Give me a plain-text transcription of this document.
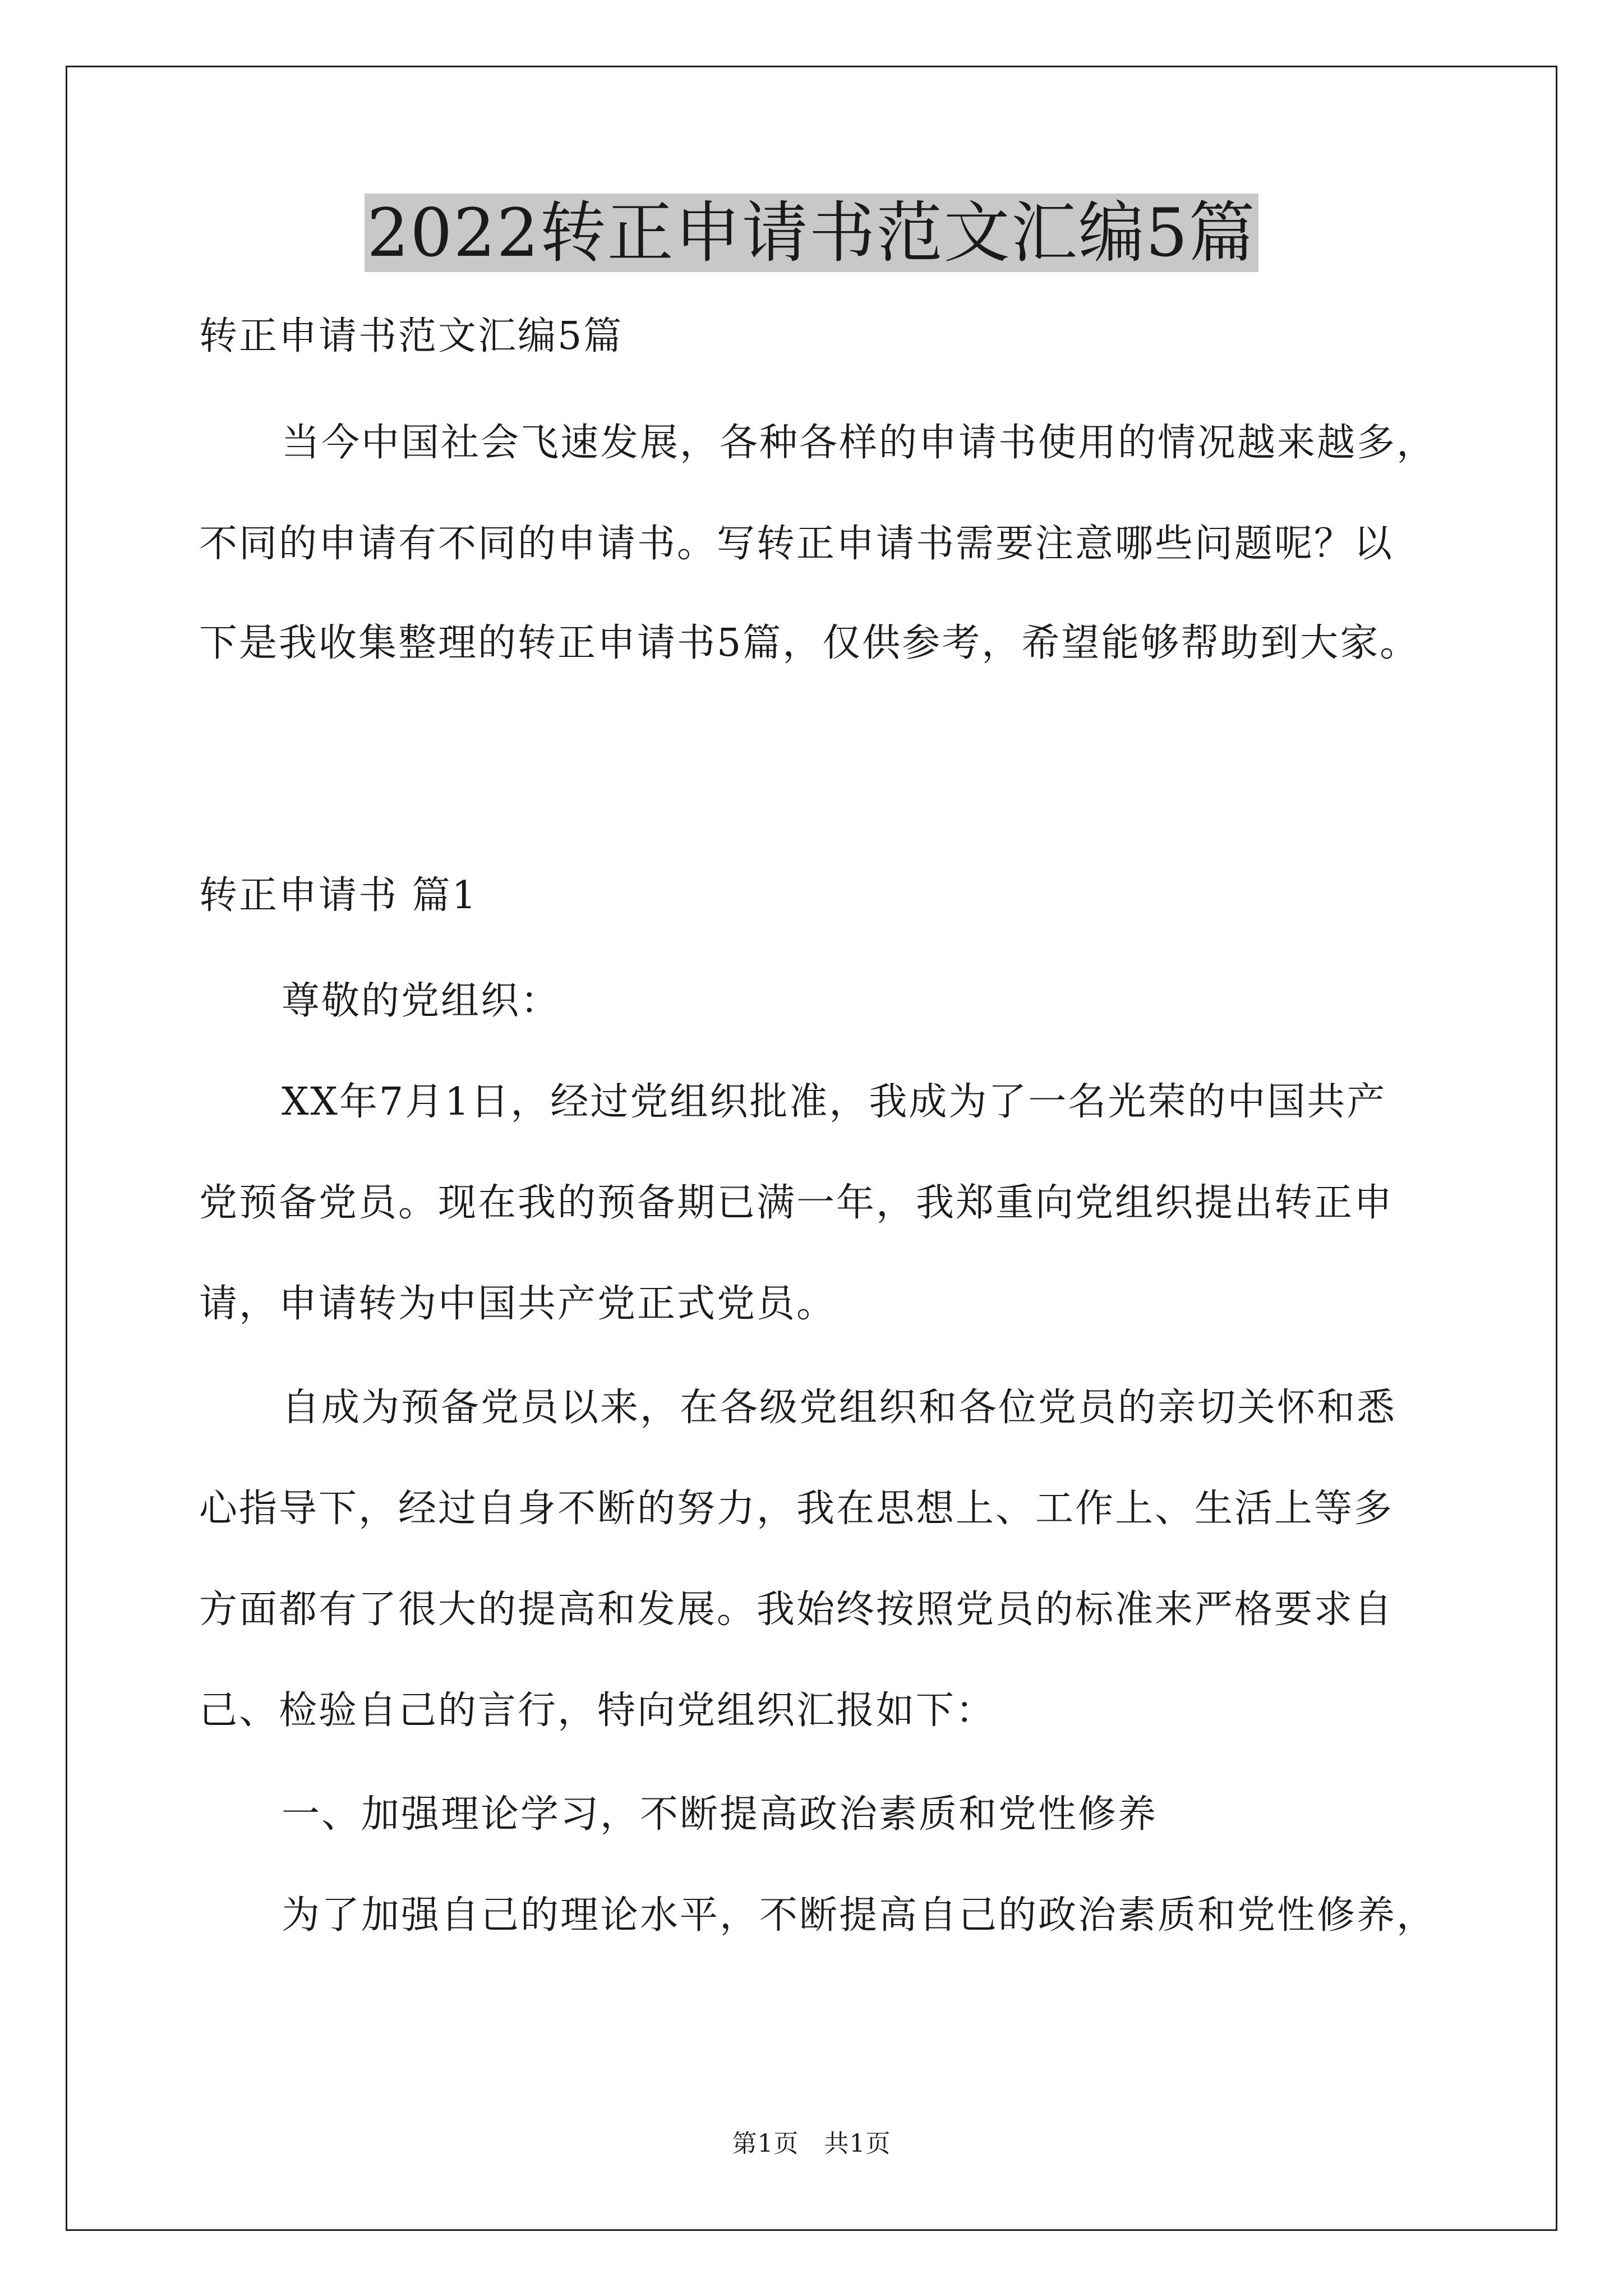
2022转正申请书范文汇编5篇

转正申请书范文汇编5篇

当今中国社会飞速发展，各种各样的申请书使用的情况越来越多，

不同的申请有不同的申请书。写转正申请书需要注意哪些问题呢？以

下是我收集整理的转正申请书5篇，仅供参考，希望能够帮助到大家。

转正申请书 篇1

尊敬的党组织：

XX年7月1日，经过党组织批准，我成为了一名光荣的中国共产

党预备党员。现在我的预备期已满一年，我郑重向党组织提出转正申

请，申请转为中国共产党正式党员。

自成为预备党员以来，在各级党组织和各位党员的亲切关怀和悉

心指导下，经过自身不断的努力，我在思想上、工作上、生活上等多

方面都有了很大的提高和发展。我始终按照党员的标准来严格要求自

己、检验自己的言行，特向党组织汇报如下：

一、加强理论学习，不断提高政治素质和党性修养

为了加强自己的理论水平，不断提高自己的政治素质和党性修养，

第1页　共1页
